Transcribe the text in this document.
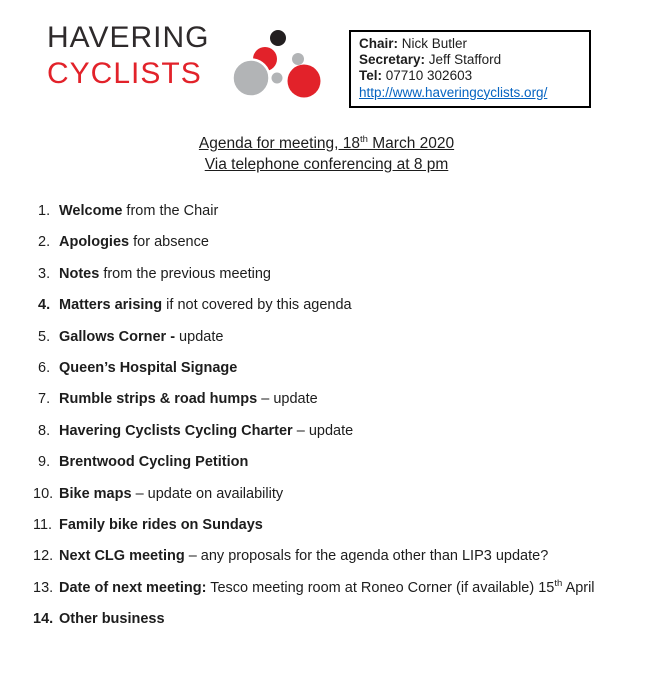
HAVERING
CYCLISTS
Chair: Nick Butler
Secretary: Jeff Stafford
Tel: 07710 302603
http://www.haveringcyclists.org/
Agenda for meeting, 18th March 2020
Via telephone conferencing at 8 pm
1. Welcome from the Chair
2. Apologies for absence
3. Notes from the previous meeting
4. Matters arising if not covered by this agenda
5. Gallows Corner - update
6. Queen’s Hospital Signage
7. Rumble strips & road humps – update
8. Havering Cyclists Cycling Charter – update
9. Brentwood Cycling Petition
10. Bike maps – update on availability
11. Family bike rides on Sundays
12. Next CLG meeting – any proposals for the agenda other than LIP3 update?
13. Date of next meeting: Tesco meeting room at Roneo Corner (if available) 15th April
14. Other business
